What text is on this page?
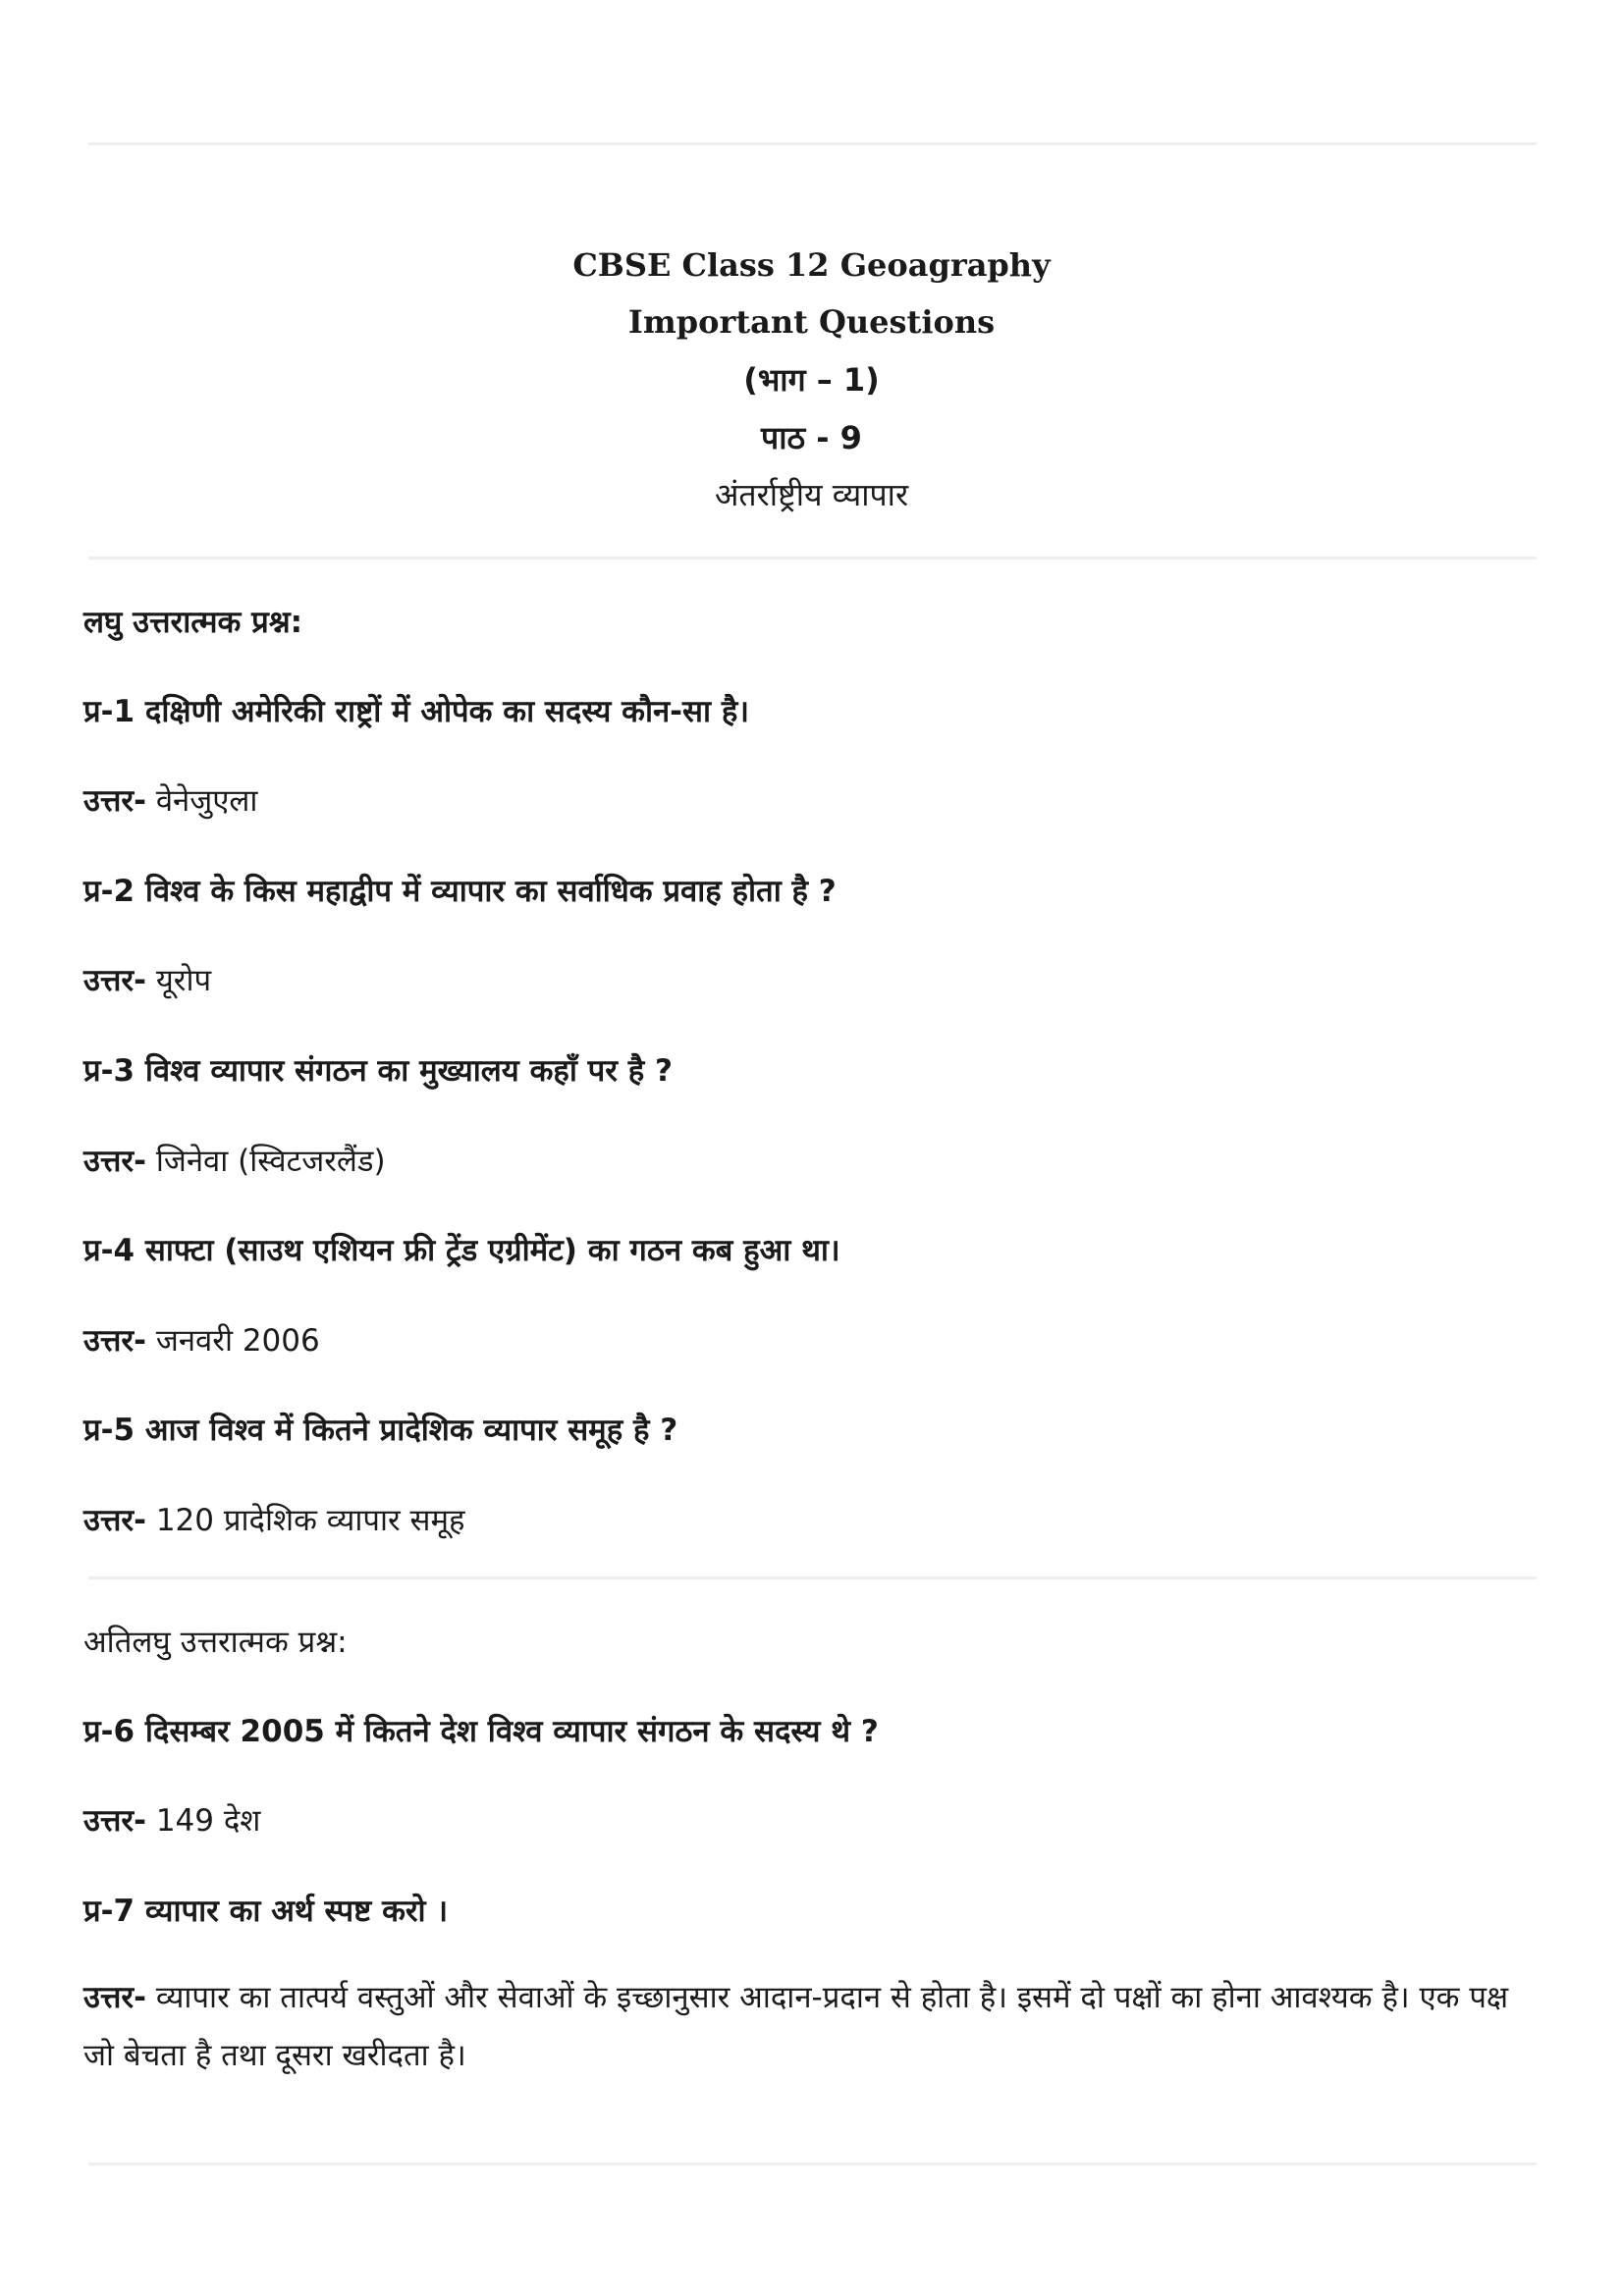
CBSE Class 12 Geoagraphy
Important Questions
(भाग – 1)
पाठ - 9
अंतर्राष्ट्रीय व्यापार
लघु उत्तरात्मक प्रश्न:
प्र-1 दक्षिणी अमेरिकी राष्ट्रों में ओपेक का सदस्य कौन-सा है।
उत्तर- वेनेजुएला
प्र-2 विश्व के किस महाद्वीप में व्यापार का सर्वाधिक प्रवाह होता है ?
उत्तर- यूरोप
प्र-3 विश्व व्यापार संगठन का मुख्यालय कहाँ पर है ?
उत्तर- जिनेवा (स्विटजरलैंड)
प्र-4 साफ्टा (साउथ एशियन फ्री ट्रेंड एग्रीमेंट) का गठन कब हुआ था।
उत्तर- जनवरी 2006
प्र-5 आज विश्व में कितने प्रादेशिक व्यापार समूह है ?
उत्तर- 120 प्रादेशिक व्यापार समूह
अतिलघु उत्तरात्मक प्रश्न:
प्र-6 दिसम्बर 2005 में कितने देश विश्व व्यापार संगठन के सदस्य थे ?
उत्तर- 149 देश
प्र-7 व्यापार का अर्थ स्पष्ट करो ।
उत्तर- व्यापार का तात्पर्य वस्तुओं और सेवाओं के इच्छानुसार आदान-प्रदान से होता है। इसमें दो पक्षों का होना आवश्यक है। एक पक्ष जो बेचता है तथा दूसरा खरीदता है।
